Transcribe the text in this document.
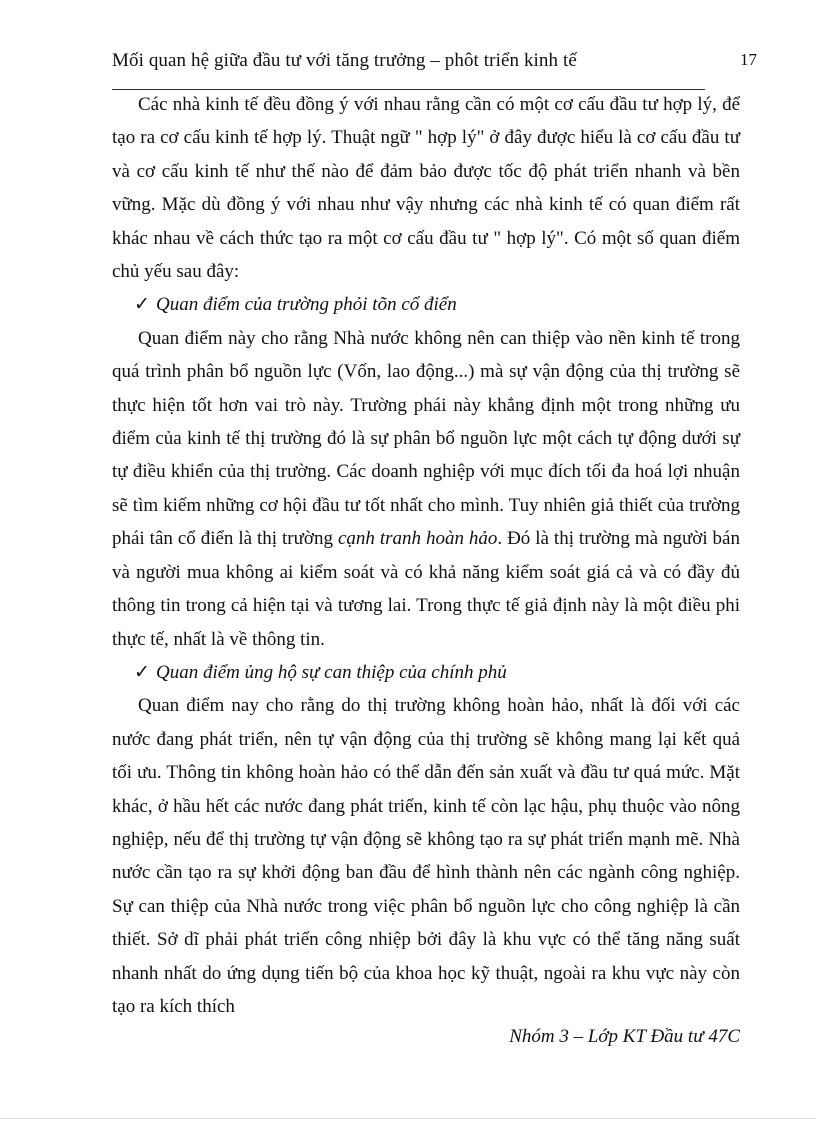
Mối quan hệ giữa đầu tư với tăng trưởng – phôt triển kinh tế	17

Các nhà kinh tế đều đồng ý với nhau rằng cần có một cơ cấu đầu tư hợp lý, để tạo ra cơ cấu kinh tế hợp lý. Thuật ngữ " hợp lý" ở đây được hiểu là cơ cấu đầu tư và cơ cấu kinh tế như thế nào để đảm bảo được tốc độ phát triển nhanh và bền vững. Mặc dù đồng ý với nhau như vậy nhưng các nhà kinh tế có quan điểm rất khác nhau về cách thức tạo ra một cơ cấu đầu tư " hợp lý". Có một số quan điểm chủ yếu sau đây:

✓ Quan điểm của trường phỏi tõn cổ điển

Quan điểm này cho rằng Nhà nước không nên can thiệp vào nền kinh tế trong quá trình phân bổ nguồn lực (Vốn, lao động...) mà sự vận động của thị trường sẽ thực hiện tốt hơn vai trò này. Trường phái này khẳng định một trong những ưu điểm của kinh tế thị trường đó là sự phân bổ nguồn lực một cách tự động dưới sự tự điều khiển của thị trường. Các doanh nghiệp với mục đích tối đa hoá lợi nhuận sẽ tìm kiếm những cơ hội đầu tư tốt nhất cho mình. Tuy nhiên giả thiết của trường phái tân cổ điển là thị trường cạnh tranh hoàn hảo. Đó là thị trường mà người bán và người mua không ai kiểm soát và có khả năng kiểm soát giá cả và có đầy đủ thông tin trong cả hiện tại và tương lai. Trong thực tế giả định này là một điều phi thực tế, nhất là về thông tin.

✓ Quan điểm ủng hộ sự can thiệp của chính phủ

Quan điểm nay cho rằng do thị trường không hoàn hảo, nhất là đối với các nước đang phát triển, nên tự vận động của thị trường sẽ không mang lại kết quả tối ưu. Thông tin không hoàn hảo có thể dẫn đến sản xuất và đầu tư quá mức. Mặt khác, ở hầu hết các nước đang phát triển, kinh tế còn lạc hậu, phụ thuộc vào nông nghiệp, nếu để thị trường tự vận động sẽ không tạo ra sự phát triển mạnh mẽ. Nhà nước cần tạo ra sự khởi động ban đầu để hình thành nên các ngành công nghiệp. Sự can thiệp của Nhà nước trong việc phân bổ nguồn lực cho công nghiệp là cần thiết. Sở dĩ phải phát triển công nhiệp bởi đây là khu vực có thể tăng năng suất nhanh nhất do ứng dụng tiến bộ của khoa học kỹ thuật, ngoài ra khu vực này còn tạo ra kích thích

Nhóm 3 – Lớp KT Đầu tư 47C
